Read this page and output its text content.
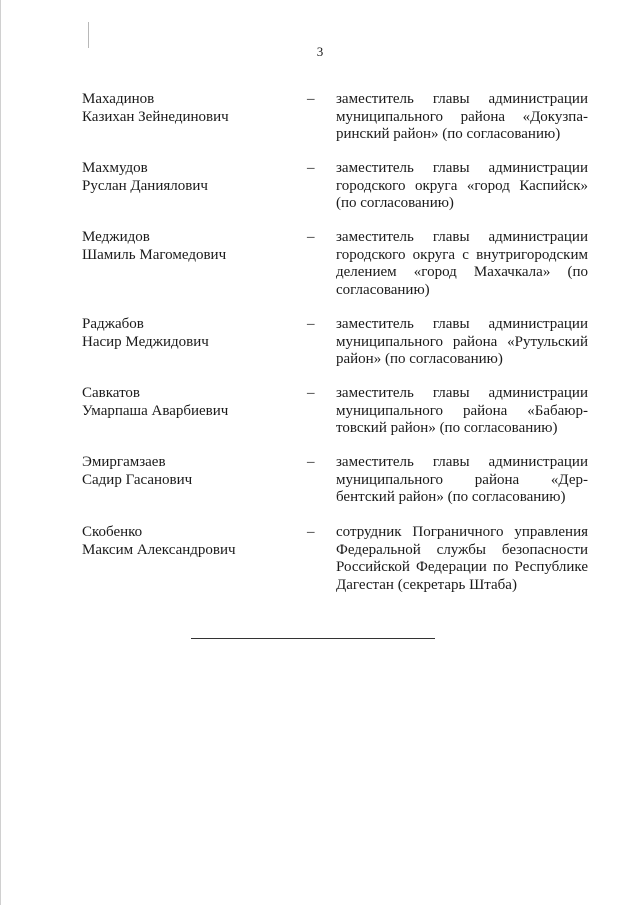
3
Махадинов
Казихан Зейнединович
– заместитель главы администрации
муниципального района «Докузпа-
ринский район» (по согласованию)
Махмудов
Руслан Даниялович
– заместитель главы администрации
городского округа «город Каспийск»
(по согласованию)
Меджидов
Шамиль Магомедович
– заместитель главы администрации
городского округа с внутригородским
делением «город Махачкала» (по
согласованию)
Раджабов
Насир Меджидович
– заместитель главы администрации
муниципального района «Рутульский
район» (по согласованию)
Савкатов
Умарпаша Аварбиевич
– заместитель главы администрации
муниципального района «Бабаюр-
товский район» (по согласованию)
Эмиргамзаев
Садир Гасанович
– заместитель главы администрации
муниципального района «Дер-
бентский район» (по согласованию)
Скобенко
Максим Александрович
– сотрудник Пограничного управления
Федеральной службы безопасности
Российской Федерации по Республике
Дагестан (секретарь Штаба)
